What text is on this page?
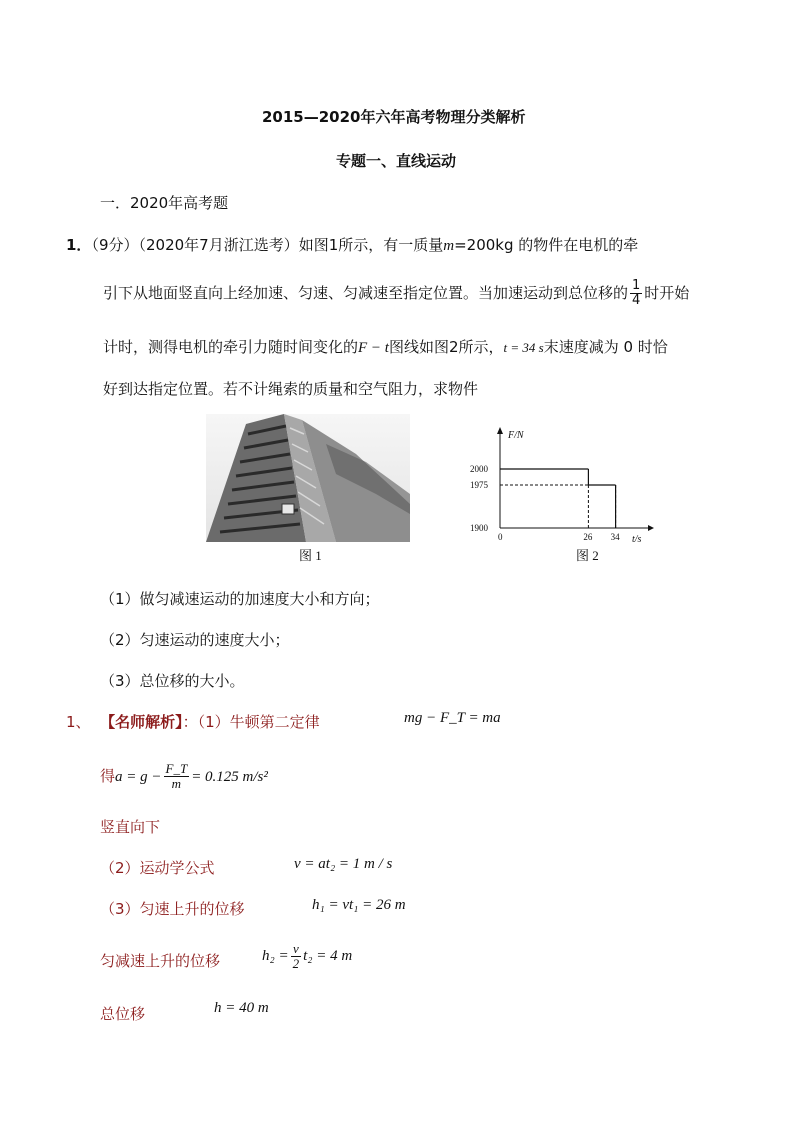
2015—2020年六年高考物理分类解析
专题一、直线运动
一．2020年高考题
1．（9分）（2020年7月浙江选考）如图1所示，有一质量m=200kg 的物件在电机的牵
引下从地面竖直向上经加速、匀速、匀减速至指定位置。当加速运动到总位移的 $\frac{1}{4}$ 时开始
计时，测得电机的牵引力随时间变化的F − t图线如图2所示，t = 34 s末速度减为 0 时恰
好到达指定位置。若不计绳索的质量和空气阻力，求物件
图 1
F/N
t/s
1900
1975
2000
0	26 34
图 2
（1）做匀减速运动的加速度大小和方向；
（2）匀速运动的速度大小；
（3）总位移的大小。
1、 【名师解析】：（1）牛顿第二定律	mg − F_T = ma
得$a = g - \frac{F\_T}{m} = 0.125$ m/s²
竖直向下
（2）运动学公式	v = at₂ = 1 m / s
（3）匀速上升的位移	h₁ = vt₁ = 26 m
匀减速上升的位移	$h_2 = \frac{v}{2} t_2 = 4$ m
总位移	h = 40 m
